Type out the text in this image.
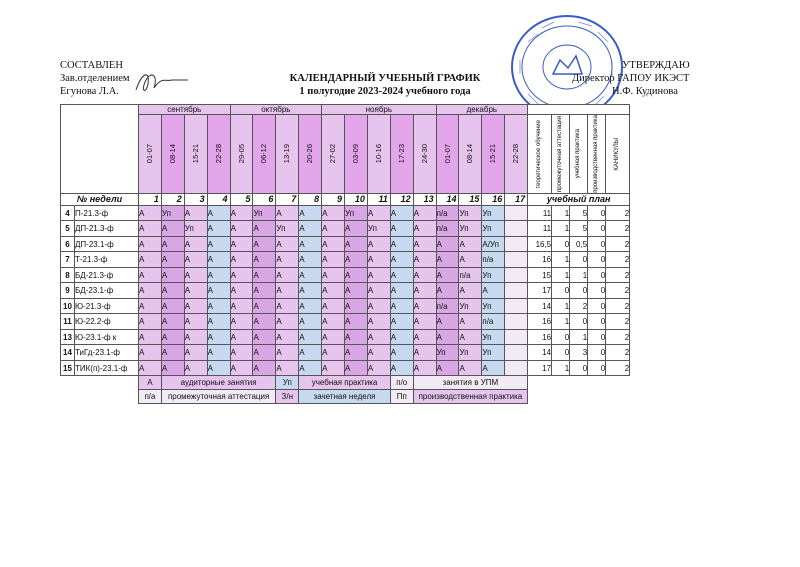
СОСТАВЛЕН
Зав.отделением
Егунова Л.А.
КАЛЕНДАРНЫЙ УЧЕБНЫЙ ГРАФИК
1 полугодие 2023-2024 учебного года
УТВЕРЖДАЮ
Директор ГАПОУ ИКЭСТ
Н.Ф. Кудинова
		сентябрь				октябрь				ноябрь					декабрь								

		01-07	08-14	15-21	22-28	29-05	06-12	13-19	20-26	27-02	03-09	10-16	17-23	24-30	01-07	08-14	15-21	22-28	теоретическое обучение	промежуточная аттестация	учебная практика	производственная практика	КАНИКУЛЫ

№ недели		1	2	3	4	5	6	7	8	9	10	11	12	13	14	15	16	17	учебный план				
4	П-21.3-ф	А	Уп	А	А	А	Уп	А	А	А	Уп	А	А	А	п/а	Уп	Уп		11	1	5	0	2
5	ДП-21.3-ф	А	А	Уп	А	А	А	Уп	А	А	А	Уп	А	А	п/а	Уп	Уп		11	1	5	0	2
6	ДП-23.1-ф	А	А	А	А	А	А	А	А	А	А	А	А	А	А	А	А/Уп		16,5	0	0,5	0	2
7	Т-21.3-ф	А	А	А	А	А	А	А	А	А	А	А	А	А	А	А	п/а		16	1	0	0	2
8	БД-21.3-ф	А	А	А	А	А	А	А	А	А	А	А	А	А	А	п/а	Уп		15	1	1	0	2
9	БД-23.1-ф	А	А	А	А	А	А	А	А	А	А	А	А	А	А	А	А		17	0	0	0	2
10	Ю-21.3-ф	А	А	А	А	А	А	А	А	А	А	А	А	А	п/а	Уп	Уп		14	1	2	0	2
11	Ю-22.2-ф	А	А	А	А	А	А	А	А	А	А	А	А	А	А	А	п/а		16	1	0	0	2
13	Ю-23.1-ф к	А	А	А	А	А	А	А	А	А	А	А	А	А	А	А	Уп		16	0	1	0	2
14	ТиГд-23.1-ф	А	А	А	А	А	А	А	А	А	А	А	А	А	Уп	Уп	Уп		14	0	3	0	2
15	ТИК(п)-23.1-ф	А	А	А	А	А	А	А	А	А	А	А	А	А	А	А	А		17	1	0	0	2
		А	аудиторные занятия					Уп	учебная практика				п/о	занятия в УПМ									
		п/а	промежуточная аттестация					З/н	зачетная неделя				Пп	производственная практика									
